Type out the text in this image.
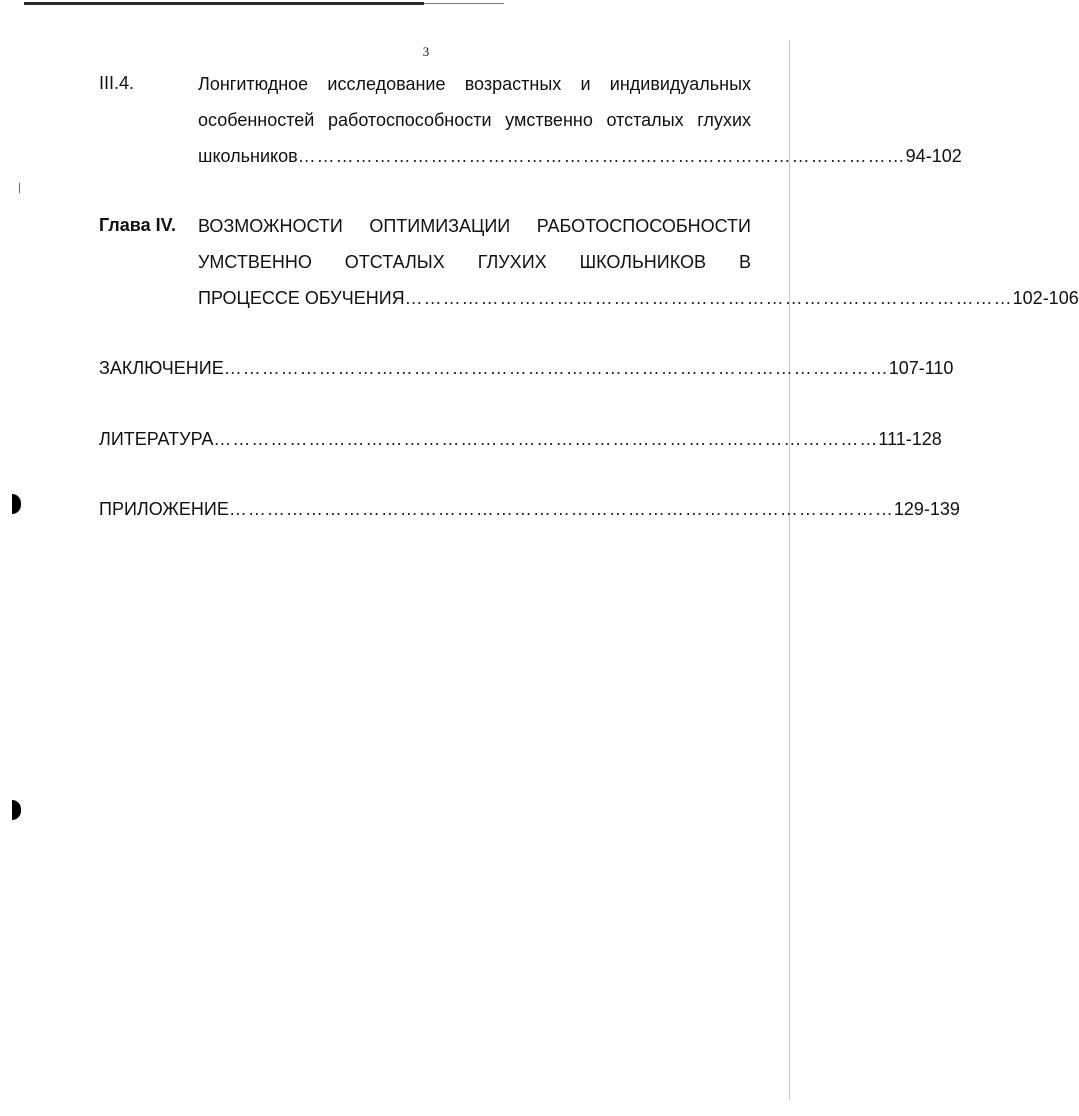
3
III.4.	Лонгитюдное исследование возрастных и индивидуальных
особенностей работоспособности умственно отсталых глухих
школьников …………………………………………………………………………………… 94-102
Глава IV. ВОЗМОЖНОСТИ ОПТИМИЗАЦИИ РАБОТОСПОСОБНОСТИ
УМСТВЕННО ОТСТАЛЫХ ГЛУХИХ ШКОЛЬНИКОВ В
ПРОЦЕССЕ ОБУЧЕНИЯ …………………………………………………………………………………… 102-106
ЗАКЛЮЧЕНИЕ …………………………………………………………………………………………… 107-110
ЛИТЕРАТУРА …………………………………………………………………………………………… 111-128
ПРИЛОЖЕНИЕ …………………………………………………………………………………………… 129-139
